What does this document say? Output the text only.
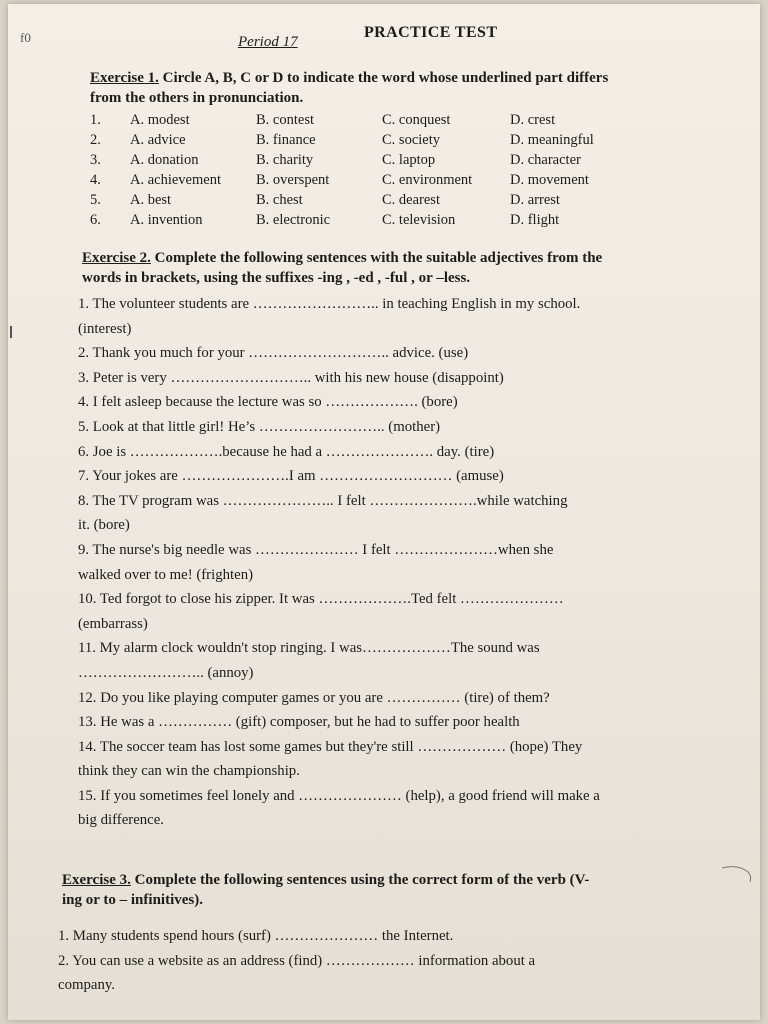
f0	Period 17
PRACTICE TEST
Exercise 1. Circle A, B, C or D to indicate the word whose underlined part differs
from the others in pronunciation.
1. A. modest	B. contest	C. conquest	D. crest
2. A. advice	B. finance	C. society	D. meaningful
3. A. donation	B. charity	C. laptop	D. character
4. A. achievement B. overspent	C. environment	D. movement
5. A. best	B. chest	C. dearest	D. arrest
6. A. invention	B. electronic	C. television	D. flight
Exercise 2. Complete the following sentences with the suitable adjectives from the
words in brackets, using the suffixes -ing , -ed , -ful , or –less.

1. The volunteer students are …………………….. in teaching English in my school.

(interest)

2. Thank you much for your ……………………….. advice. (use)

3. Peter is very ……………………….. with his new house (disappoint)

4. I felt asleep because the lecture was so ………………. (bore)

5. Look at that little girl! He’s …………………….. (mother)

6. Joe is ……………….because he had a …………………. day. (tire)

7. Your jokes are ………………….I am ……………………… (amuse)

8. The TV program was ………………….. I felt ………………….while watching

it. (bore)

9. The nurse's big needle was ………………… I felt …………………when she

walked over to me! (frighten)

10. Ted forgot to close his zipper. It was ……………….Ted felt …………………

(embarrass)

11. My alarm clock wouldn't stop ringing. I was………………The sound was

…………………….. (annoy)

12. Do you like playing computer games or you are …………… (tire) of them?

13. He was a …………… (gift) composer, but he had to suffer poor health

14. The soccer team has lost some games but they're still ……………… (hope) They

think they can win the championship.

15. If you sometimes feel lonely and ………………… (help), a good friend will make a

big difference.

Exercise 3. Complete the following sentences using the correct form of the verb (V-
ing or to – infinitives).

1. Many students spend hours (surf) ………………… the Internet.

2. You can use a website as an address (find) ……………… information about a

company.
